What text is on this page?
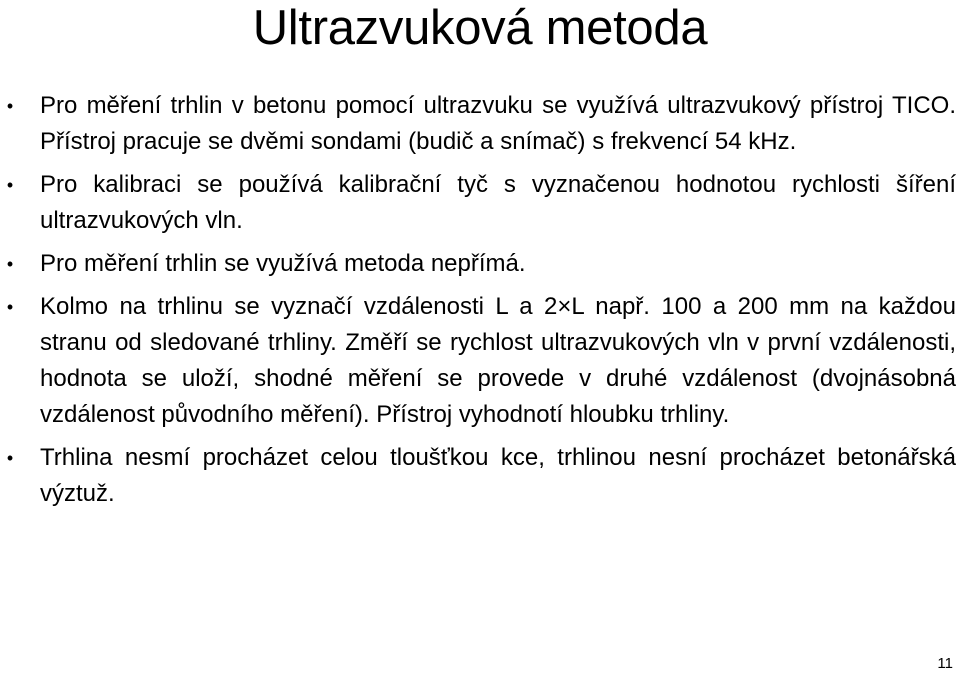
Ultrazvuková metoda
• Pro měření trhlin v betonu pomocí ultrazvuku se využívá ultrazvukový přístroj TICO. Přístroj pracuje se dvěmi sondami (budič a snímač) s frekvencí 54 kHz.
• Pro kalibraci se používá kalibrační tyč s vyznačenou hodnotou rychlosti šíření ultrazvukových vln.
• Pro měření trhlin se využívá metoda nepřímá.
• Kolmo na trhlinu se vyznačí vzdálenosti L a 2×L např. 100 a 200 mm na každou stranu od sledované trhliny. Změří se rychlost ultrazvukových vln v první vzdálenosti, hodnota se uloží, shodné měření se provede v druhé vzdálenost (dvojnásobná vzdálenost původního měření). Přístroj vyhodnotí hloubku trhliny.
• Trhlina nesmí procházet celou tloušťkou kce, trhlinou nesní procházet betonářská výztuž.
11
